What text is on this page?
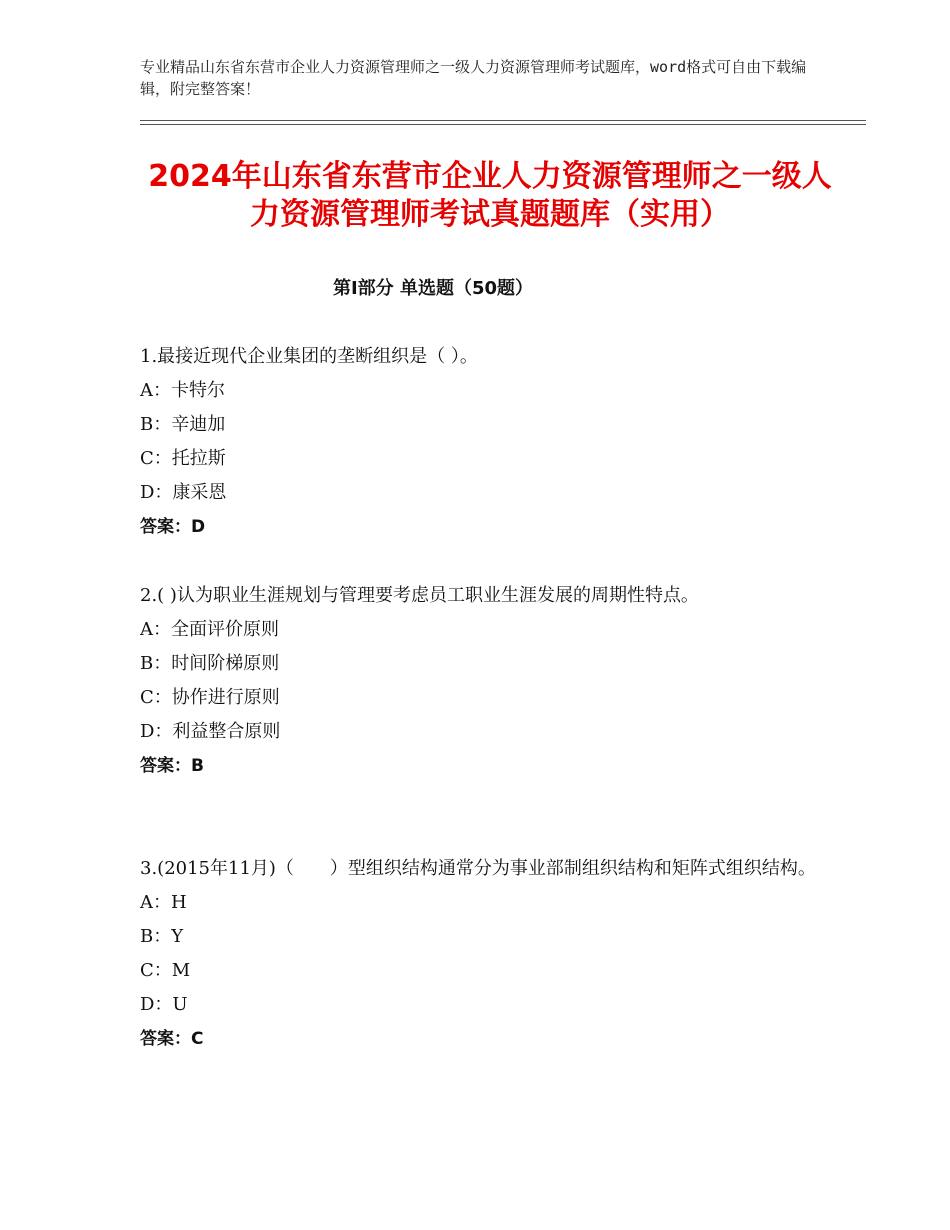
专业精品山东省东营市企业人力资源管理师之一级人力资源管理师考试题库，word格式可自由下载编辑，附完整答案！
2024年山东省东营市企业人力资源管理师之一级人力资源管理师考试真题题库（实用）
第Ⅰ部分 单选题（50题）
1.最接近现代企业集团的垄断组织是（ ）。
A：卡特尔
B：辛迪加
C：托拉斯
D：康采恩
答案：D
2.( )认为职业生涯规划与管理要考虑员工职业生涯发展的周期性特点。
A：全面评价原则
B：时间阶梯原则
C：协作进行原则
D：利益整合原则
答案：B
3.(2015年11月)（　　）型组织结构通常分为事业部制组织结构和矩阵式组织结构。
A：H
B：Y
C：M
D：U
答案：C
